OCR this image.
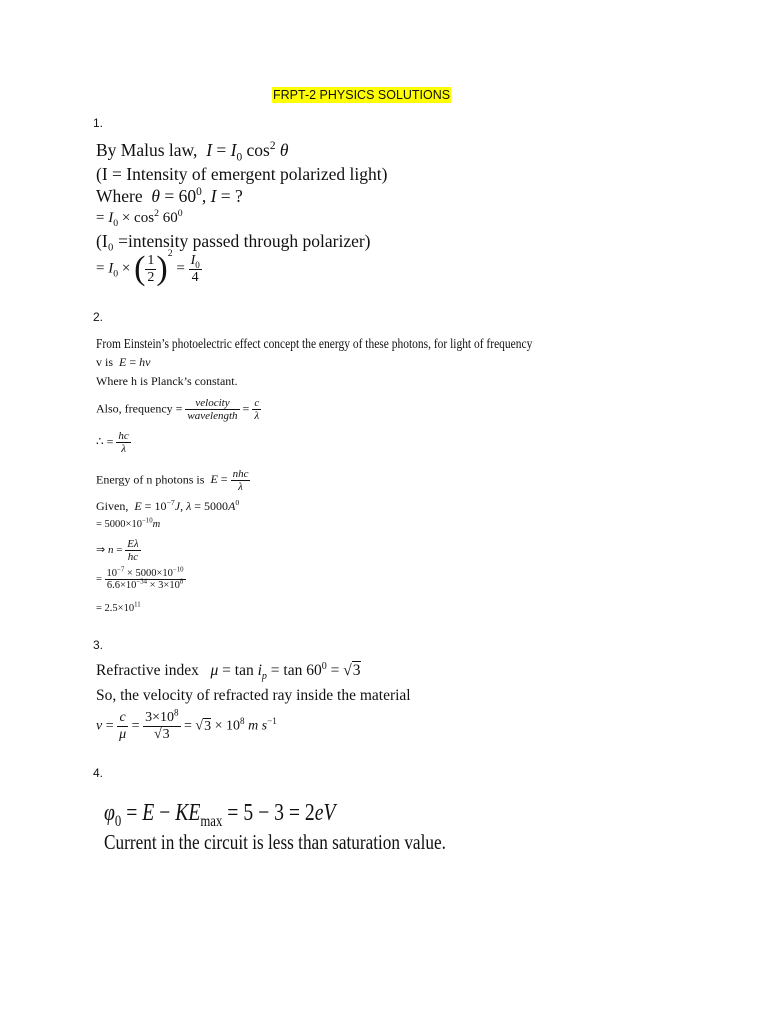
FRPT-2 PHYSICS SOLUTIONS
1.
By Malus law, $I = I_0$ $\cos^2 \theta$
(I = Intensity of emergent polarized light)
Where $\theta = 60^0$, I = ?
= $I_0 \times \cos^2 60^0$
(I₀ =intensity passed through polarizer)
= $I_0$ × ( $\frac{1}{2} )^2 = \frac{I_0}{4}$
2.
From Einstein’s photoelectric effect concept the energy of these photons, for light of frequency
v is E = hν
Where h is Planck’s constant.
Also, frequency = $\frac{\text{velocity}}{\text{wavelength}} = \frac{c}{\lambda}$
∴ = $\frac{hc}{\lambda}$
Energy of n photons is $E = \frac{\text{nhc}}{\lambda}$
Given, $E = 10^{-7}J$, $\lambda = 5000A^0$
= $5000\times 10^{-10}m$
⇒ $n = \frac{E\lambda}{hc}$
= $\frac{10^{-7} \times 5000\times 10^{-10}}{6.6\times 10^{-34} \times 3\times 10^8}$
= $2.5\times 10^{11}$
3.
Refractive index $\mu = \tan i_p = \tan 60^0 = √3$
So, the velocity of refracted ray inside the material
$v = \frac{c}{\mu} = \frac{3\times 10^8}{√3} = √3 \times 10^8$ m $s^{-1}$
4.
$\varphi_0 = E - KE_{max} = 5 - 3 = 2eV$
Current in the circuit is less than saturation value.
